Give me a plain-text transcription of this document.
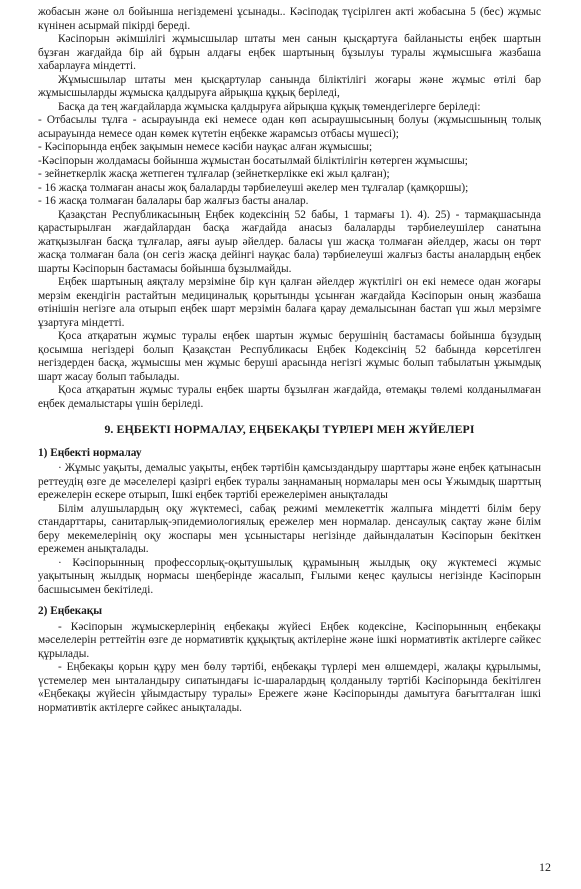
жобасын және ол бойынша негіздемені ұсынады.. Кәсіподақ түсірілген акті жобасына 5 (бес) жұмыс күнінен асырмай пікірді береді.

Кәсіпорын әкімшілігі жұмысшылар штаты мен санын қысқартуға байланысты еңбек шартын бұзған жағдайда бір ай бұрын алдағы еңбек шартының бұзылуы туралы жұмысшыға жазбаша хабарлауға міндетті.

Жұмысшылар штаты мен қысқартулар санында біліктілігі жоғары және жұмыс өтілі бар жұмысшыларды жұмыска қалдыруға айрықша құқық беріледі,

Басқа да тең жағдайларда жұмыска қалдыруға айрықша құқық төмендегілерге беріледі:

- Отбасылы тұлға - асырауында екі немесе одан көп асыраушысының болуы (жұмысшының толық асырауында немесе одан көмек күтетін еңбекке жарамсыз отбасы мүшесі);
- Кәсіпорында еңбек зақымын немесе кәсіби науқас алған жұмысшы;
-Кәсіпорын жолдамасы бойынша жұмыстан босатылмай біліктілігін көтерген жұмысшы;
- зейнеткерлік жасқа жетпеген тұлғалар (зейнеткерлікке екі жыл қалған);
- 16 жасқа толмаған анасы жоқ балаларды тәрбиелеуші әкелер мен тұлғалар (қамқоршы);
- 16 жасқа толмаған балалары бар жалғыз басты аналар.

Қазақстан Республикасының Еңбек кодексінің 52 бабы, 1 тармағы 1). 4). 25) - тармақшасында қарастырылған жағдайлардан басқа жағдайда анасыз балаларды тәрбиелеушілер санатына жатқызылған басқа тұлғалар, аяғы ауыр әйелдер. баласы үш жасқа толмаған әйелдер, жасы он төрт жасқа толмаған бала (он сегіз жасқа дейінгі науқас бала) тәрбиелеуші жалғыз басты аналардың еңбек шарты Кәсіпорын бастамасы бойынша бұзылмайды.

Еңбек шартының аяқталу мерзіміне бір күн қалған әйелдер жүктілігі он екі немесе одан жоғары мерзім екендігін растайтын медициналық қорытынды ұсынған жағдайда Кәсіпорын оның жазбаша өтінішін негізге ала отырып еңбек шарт мерзімін балаға қарау демалысынан бастап үш жыл мерзімге ұзартуға міндетті.

Қоса атқаратын жұмыс туралы еңбек шартын жұмыс берушінің бастамасы бойынша бұзудың қосымша негіздері болып Қазақстан Республикасы Еңбек Кодексінің 52 бабында көрсетілген негіздерден басқа, жұмысшы мен жұмыс беруші арасында негізгі жұмыс болып табылатын ұжымдық шарт жасау болып табылады.

Қоса атқаратын жұмыс туралы еңбек шарты бұзылған жағдайда, өтемақы төлемі колданылмаған еңбек демалыстары үшін беріледі.

9. ЕҢБЕКТІ НОРМАЛАУ, ЕҢБЕКАҚЫ ТҮРЛЕРІ МЕН ЖҮЙЕЛЕРІ
1) Еңбекті нормалау

· Жұмыс уақыты, демалыс уақыты, еңбек тәртібін қамсыздандыру шарттары және еңбек қатынасын реттеудің өзге де мәселелері қазіргі еңбек туралы заңнаманың нормалары мен осы Ұжымдық шарттың ережелерін ескере отырып, Ішкі еңбек тәртібі ережелерімен анықталады

Білім алушылардың оқу жүктемесі, сабақ режимі мемлекеттік жалпыға міндетті білім беру стандарттары, санитарлық-эпидемиологиялық ережелер мен нормалар. денсаулық сақтау және білім беру мекемелерінің оқу жоспары мен ұсыныстары негізінде дайындалатын Кәсіпорын бекіткен ережемен анықталады.

· Кәсіпорынның профессорлық-оқытушылық құрамының жылдық оқу жүктемесі жұмыс уақытының жылдық нормасы шеңберінде жасалып, Ғылыми кеңес қаулысы негізінде Кәсіпорын басшысымен бекітіледі.

2) Еңбекақы

- Кәсіпорын жұмыскерлерінің еңбекақы жүйесі Еңбек кодексіне, Кәсіпорынның еңбекақы мәселелерін реттейтін өзге де нормативтік құқықтық актілеріне және ішкі нормативтік актілерге сәйкес құрылады.

- Еңбекақы қорын құру мен бөлу тәртібі, еңбекақы түрлері мен өлшемдері, жалақы құрылымы, үстемелер мен ынталандыру сипатындағы іс-шаралардың қолданылу тәртібі Кәсіпорында бекітілген «Еңбекақы жүйесін ұйымдастыру туралы» Ережеге және Кәсіпорынды дамытуға бағытталған ішкі нормативтік актілерге сәйкес анықталады.

12
